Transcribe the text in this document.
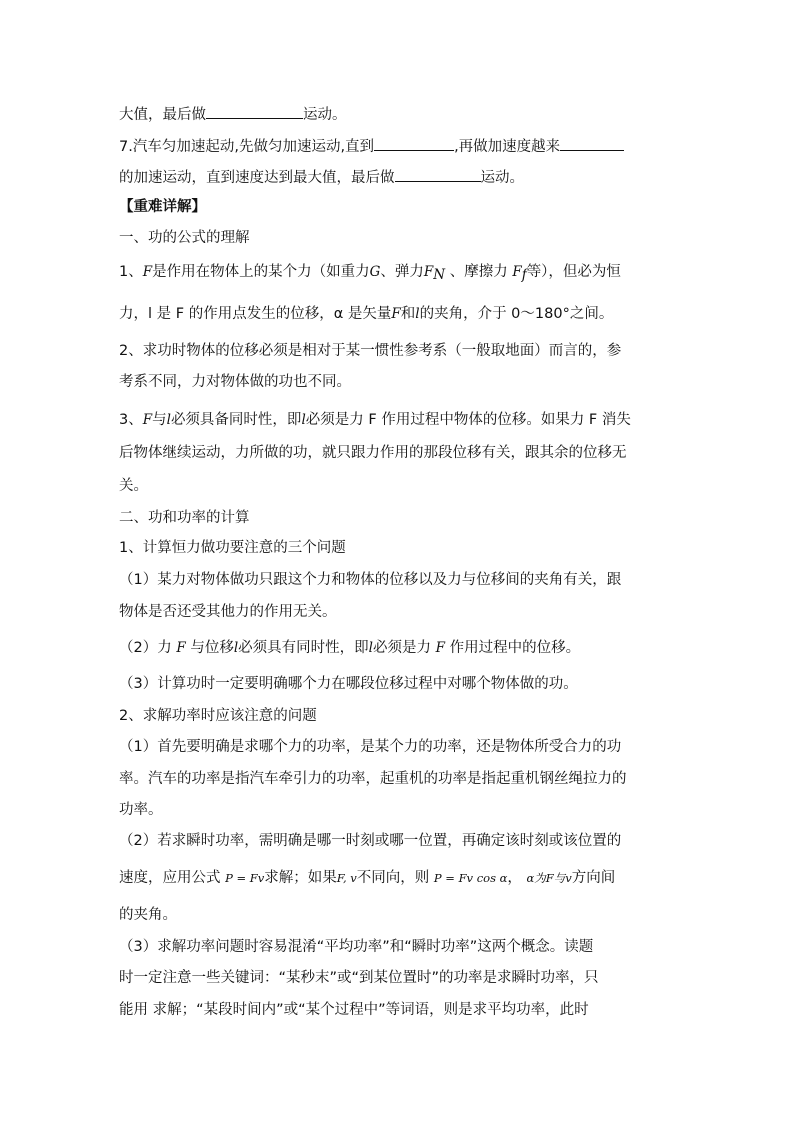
大值，最后做	运动。
7.汽车匀加速起动,先做匀加速运动,直到	,再做加速度越来
的加速运动，直到速度达到最大值，最后做	运动。
【重难详解】
一、功的公式的理解
1、F是作用在物体上的某个力（如重力G、弹力$F_N$ 、摩擦力 $F_f$等），但必为恒
力，l 是 F 的作用点发生的位移，α 是矢量F和l的夹角，介于 0～180°之间。
2、求功时物体的位移必须是相对于某一惯性参考系（一般取地面）而言的，参
考系不同，力对物体做的功也不同。
3、F与l必须具备同时性，即l必须是力 F 作用过程中物体的位移。如果力 F 消失
后物体继续运动，力所做的功，就只跟力作用的那段位移有关，跟其余的位移无
关。
二、功和功率的计算
1、计算恒力做功要注意的三个问题
（1）某力对物体做功只跟这个力和物体的位移以及力与位移间的夹角有关，跟
物体是否还受其他力的作用无关。
（2）力 F 与位移l必须具有同时性，即l必须是力 F 作用过程中的位移。
（3）计算功时一定要明确哪个力在哪段位移过程中对哪个物体做的功。
2、求解功率时应该注意的问题
（1）首先要明确是求哪个力的功率，是某个力的功率，还是物体所受合力的功
率。汽车的功率是指汽车牵引力的功率，起重机的功率是指起重机钢丝绳拉力的
功率。
（2）若求瞬时功率，需明确是哪一时刻或哪一位置，再确定该时刻或该位置的
速度，应用公式 P = Fv求解；如果F, v不同向，则 P = Fv cos α， α为F与v方向间
的夹角。
（3）求解功率问题时容易混淆“平均功率”和“瞬时功率”这两个概念。读题
时一定注意一些关键词：“某秒末”或“到某位置时”的功率是求瞬时功率，只
能用 求解；“某段时间内”或“某个过程中”等词语，则是求平均功率，此时
